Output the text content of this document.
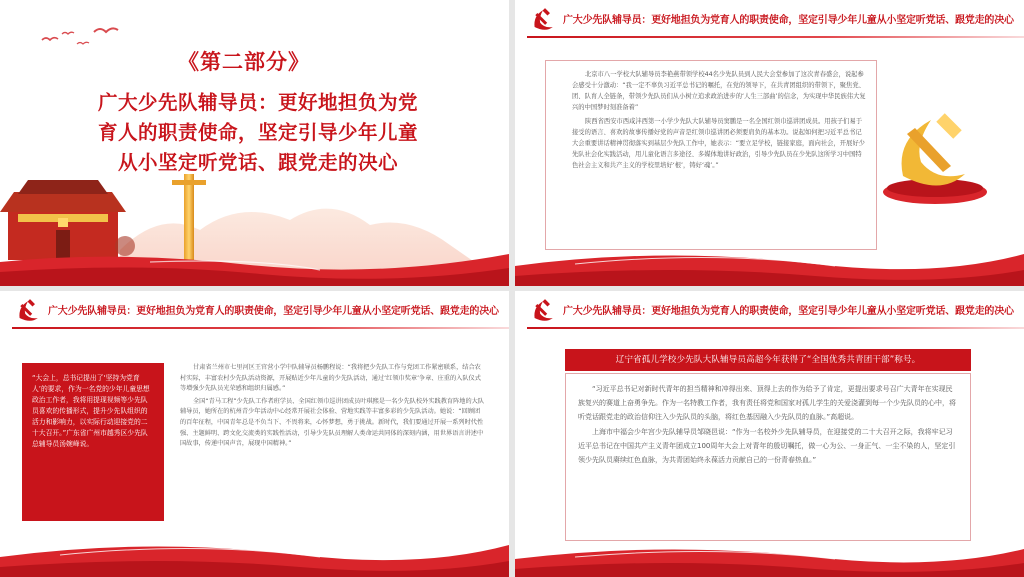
《第二部分》
广大少先队辅导员：更好地担负为党
育人的职责使命，坚定引导少年儿童
从小坚定听党话、跟党走的决心
广大少先队辅导员：更好地担负为党育人的职责使命，坚定引导少年儿童从小坚定听党话、跟党走的决心

北京市八一学校大队辅导员李艳燕带领学校44名少先队员到人民大会堂参加了这次青春盛会，说起参会感受十分激动：“我一定不辜负习近平总书记的嘱托，在党的领导下，在共青团组织的带领下，聚焦党、团、队育人全链条，带领少先队员们从小树立追求政治进步的‘人生三部曲’的信念，为实现中华民族伟大复兴的中国梦时刻准备着”

陕西省西安市西咸沣西第一小学少先队大队辅导员窦鹏是一名全国红领巾巡讲团成员。用孩子们易于接受的语言、喜欢的故事传播好党的声音是红领巾巡讲团必须要肩负的基本功。说起如何把习近平总书记大会重要讲话精神贯彻落实到基层少先队工作中，她表示：“要立足学校，链接家庭，面向社会，开展好少先队社会化实践活动，用儿童化语言多途径、多媒体地讲好政治，引导少先队员在少先队这所学习中国特色社会主义和共产主义的学校里培好‘根’，铸好‘魂’。”

广大少先队辅导员：更好地担负为党育人的职责使命，坚定引导少年儿童从小坚定听党话、跟党走的决心

“大会上，总书记提出了‘坚持为党育人’的要求，作为一名党的少年儿童思想政治工作者，我将用提现视频等少先队员喜欢的传播形式，提升少先队组织的活力和影响力，以实际行动迎接党的二十大召开。”广东省广州市越秀区少先队总辅导员汤婉峰说。

甘肃省兰州市七里河区王官营小学中队辅导员杨鹏程说：“我将把少先队工作与党团工作紧密联系，结合农村实际，丰富农村少先队活动资源，开展贴近少年儿童的少先队活动，通过‘红领巾奖章’争章、庄重的入队仪式等增强少先队员光荣感和组织归属感。”

全国“青马工程”少先队工作者班学员、全国红领巾巡讲团成员叶琪熙是一名少先队校外实践教育阵地的大队辅导员，她所在的杭州青少年活动中心经常开展社会体验、营地实践等丰富多彩的少先队活动。她说：“回顾团的百年征程，中国青年总是不负当下、不畏将来，心怀梦想，勇于挑战。新时代，我们要通过开展一系列时代性强、主题鲜明、跨文化交流类的实践性活动，引导少先队员理解人类命运共同体的深刻内涵，用世界语言讲述中国故事，传递中国声音，展现中国精神。”

广大少先队辅导员：更好地担负为党育人的职责使命，坚定引导少年儿童从小坚定听党话、跟党走的决心
辽宁省孤儿学校少先队大队辅导员高超今年获得了“全国优秀共青团干部”称号。

“习近平总书记对新时代青年的担当精神和冲得出来、顶得上去的作为给予了肯定，更提出要求号召广大青年在实现民族复兴的赛道上奋勇争先。作为一名特教工作者，我有责任将党和国家对孤儿学生的关爱浇灌到每一个少先队员的心中，将听党话跟党走的政治信仰注入少先队员的头脑，将红色基因融入少先队员的血脉。”高超说。

上海市中福会少年宫少先队辅导员邹晓邑说：“作为一名校外少先队辅导员，在迎接党的二十大召开之际，我将牢记习近平总书记在中国共产主义青年团成立100周年大会上对青年的殷切嘱托，做一心为公、一身正气、一尘不染的人，坚定引领少先队员赓续红色血脉，为共青团始终永葆活力贡献自己的一份青春热血。”
